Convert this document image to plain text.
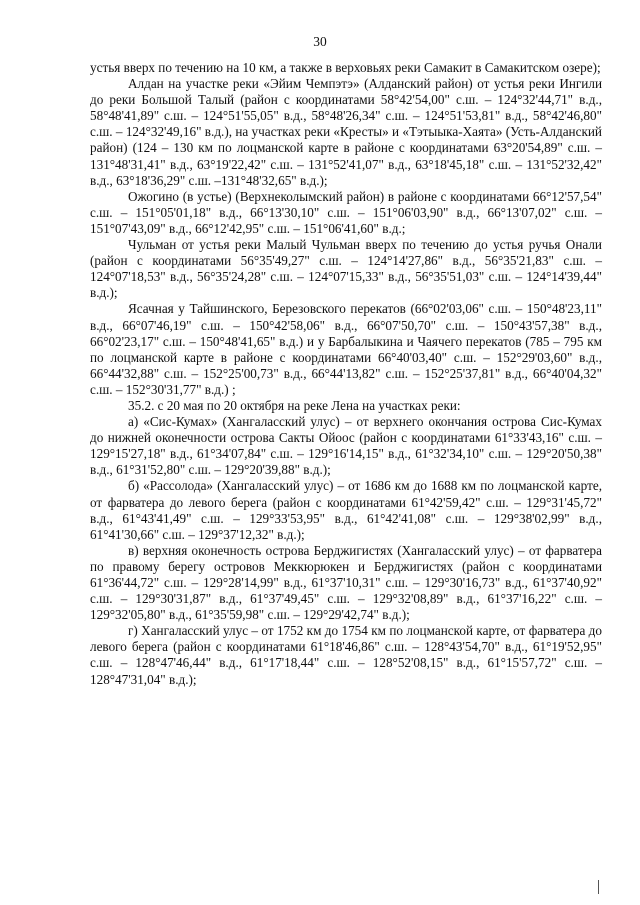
30

устья вверх по течению на 10 км, а также в верховьях реки Самакит в Самакитском озере);

Алдан на участке реки «Эйим Чемпэтэ» (Алданский район) от устья реки Ингили до реки Большой Талый (район с координатами 58°42'54,00" с.ш. – 124°32'44,71" в.д., 58°48'41,89" с.ш. – 124°51'55,05" в.д., 58°48'26,34" с.ш. – 124°51'53,81" в.д., 58°42'46,80" с.ш. – 124°32'49,16" в.д.), на участках реки «Кресты» и «Тэтыыка-Хаята» (Усть-Алданский район) (124 – 130 км по лоцманской карте в районе с координатами 63°20'54,89" с.ш. – 131°48'31,41" в.д., 63°19'22,42" с.ш. – 131°52'41,07" в.д., 63°18'45,18" с.ш. – 131°52'32,42" в.д., 63°18'36,29" с.ш. –131°48'32,65" в.д.);

Ожогино (в устье) (Верхнеколымский район) в районе с координатами 66°12'57,54" с.ш. – 151°05'01,18" в.д., 66°13'30,10" с.ш. – 151°06'03,90" в.д., 66°13'07,02" с.ш. – 151°07'43,09" в.д., 66°12'42,95" с.ш. – 151°06'41,60" в.д.;

Чульман от устья реки Малый Чульман вверх по течению до устья ручья Онали (район с координатами 56°35'49,27" с.ш. – 124°14'27,86" в.д., 56°35'21,83" с.ш. – 124°07'18,53" в.д., 56°35'24,28" с.ш. – 124°07'15,33" в.д., 56°35'51,03" с.ш. – 124°14'39,44" в.д.);

Ясачная у Тайшинского, Березовского перекатов (66°02'03,06" с.ш. – 150°48'23,11" в.д., 66°07'46,19" с.ш. – 150°42'58,06" в.д., 66°07'50,70" с.ш. – 150°43'57,38" в.д., 66°02'23,17" с.ш. – 150°48'41,65" в.д.) и у Барбалыкина и Чаячего перекатов (785 – 795 км по лоцманской карте в районе с координатами 66°40'03,40" с.ш. – 152°29'03,60" в.д., 66°44'32,88" с.ш. – 152°25'00,73" в.д., 66°44'13,82" с.ш. – 152°25'37,81" в.д., 66°40'04,32" с.ш. – 152°30'31,77" в.д.) ;

35.2. с 20 мая по 20 октября на реке Лена на участках реки:

а) «Сис-Кумах» (Хангаласский улус) – от верхнего окончания острова Сис-Кумах до нижней оконечности острова Сакты Ойоос (район с координатами 61°33'43,16" с.ш. – 129°15'27,18" в.д., 61°34'07,84" с.ш. – 129°16'14,15" в.д., 61°32'34,10" с.ш. – 129°20'50,38" в.д., 61°31'52,80" с.ш. – 129°20'39,88" в.д.);

б) «Рассолода» (Хангаласский улус) – от 1686 км до 1688 км по лоцманской карте, от фарватера до левого берега (район с координатами 61°42'59,42" с.ш. – 129°31'45,72" в.д., 61°43'41,49" с.ш. – 129°33'53,95" в.д., 61°42'41,08" с.ш. – 129°38'02,99" в.д., 61°41'30,66" с.ш. – 129°37'12,32" в.д.);

в) верхняя оконечность острова Берджигистях (Хангаласский улус) – от фарватера по правому берегу островов Меккюрюкен и Берджигистях (район с координатами 61°36'44,72" с.ш. – 129°28'14,99" в.д., 61°37'10,31" с.ш. – 129°30'16,73" в.д., 61°37'40,92" с.ш. – 129°30'31,87" в.д., 61°37'49,45" с.ш. – 129°32'08,89" в.д., 61°37'16,22" с.ш. – 129°32'05,80" в.д., 61°35'59,98" с.ш. – 129°29'42,74" в.д.);

г) Хангаласский улус – от 1752 км до 1754 км по лоцманской карте, от фарватера до левого берега (район с координатами 61°18'46,86" с.ш. – 128°43'54,70" в.д., 61°19'52,95" с.ш. – 128°47'46,44" в.д., 61°17'18,44" с.ш. – 128°52'08,15" в.д., 61°15'57,72" с.ш. – 128°47'31,04" в.д.);
